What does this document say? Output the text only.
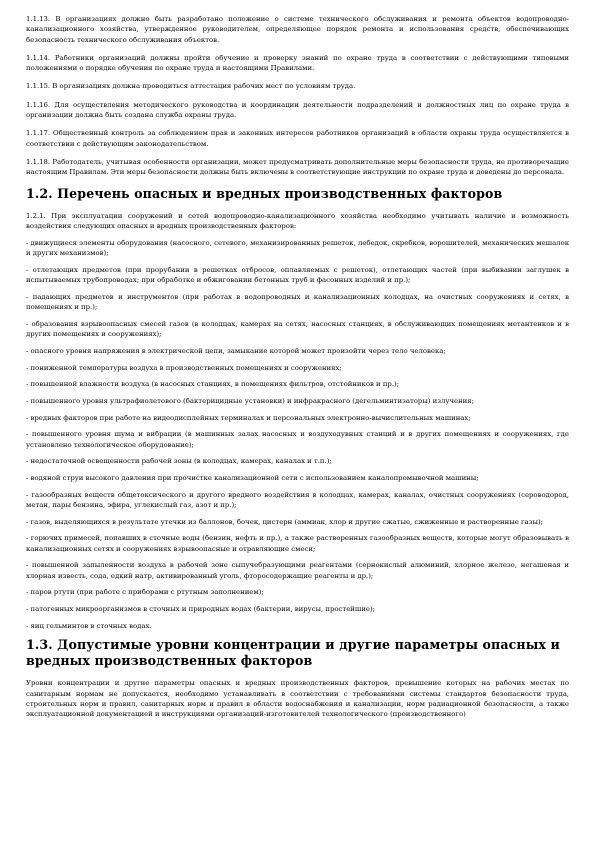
1.1.13. В организациях должно быть разработано положение о системе технического обслуживания и ремонта объектов водопроводно-канализационного хозяйства, утвержденное руководителем, определяющее порядок ремонта и использования средств, обеспечивающих безопасность технического обслуживания объектов.

1.1.14. Работники организаций должны пройти обучение и проверку знаний по охране труда в соответствии с действующими типовыми положениями о порядке обучения по охране труда и настоящими Правилами.

1.1.15. В организациях должна проводиться аттестация рабочих мест по условиям труда.

1.1.16. Для осуществления методического руководства и координации деятельности подразделений и должностных лиц по охране труда в организации должна быть создана служба охраны труда.

1.1.17. Общественный контроль за соблюдением прав и законных интересов работников организаций в области охраны труда осуществляется в соответствии с действующим законодательством.

1.1.18. Работодатель, учитывая особенности организации, может предусматривать дополнительные меры безопасности труда, не противоречащие настоящим Правилам. Эти меры безопасности должны быть включены в соответствующие инструкции по охране труда и доведены до персонала.

1.2. Перечень опасных и вредных производственных факторов

1.2.1. При эксплуатации сооружений и сетей водопроводно-канализационного хозяйства необходимо учитывать наличие и возможность воздействия следующих опасных и вредных производственных факторов:

- движущиеся элементы оборудования (насосного, сетевого, механизированных решеток, лебедок, скребков, ворошителей, механических мешалок и других механизмов);

- отлетающих предметов (при прорубании в решетках отбросов, оплавляемых с решеток), отлетающих частей (при выбивании заглушек в испытываемых трубопроводах; при обработке и обжиговании бетонных труб и фасонных изделий и пр.);

- падающих предметов и инструментов (при работах в водопроводных и канализационных колодцах, на очистных сооружениях и сетях, в помещениях и пр.);

- образования взрывоопасных смесей газов (в колодцах, камерах на сетях, насосных станциях, в обслуживающих помещениях метантенков и в других помещениях и сооружениях);

- опасного уровня напряжения в электрической цепи, замыкание которой может произойти через тело человека;

- пониженной температуры воздуха в производственных помещениях и сооружениях;

- повышенной влажности воздуха (в насосных станциях, в помещениях фильтров, отстойников и пр.);

- повышенного уровня ультрафиолетового (бактерицидные установки) и инфракрасного (дегельминтизаторы) излучения;

- вредных факторов при работе на видеодисплейных терминалах и персональных электронно-вычислительных машинах;

- повышенного уровня шума и вибрации (в машинных залах насосных и воздуходувных станций и в других помещениях и сооружениях, где установлено технологическое оборудование);

- недостаточной освещенности рабочей зоны (в колодцах, камерах, каналах и т.п.);

- водяной струи высокого давления при прочистке канализационной сети с использованием каналопромывочной машины;

- газообразных веществ общетоксического и другого вредного воздействия в колодцах, камерах, каналах, очистных сооружениях (сероводород, метан, пары бензина, эфира, углекислый газ, азот и пр.);

- газов, выделяющихся в результате утечки из баллонов, бочек, цистерн (аммиак, хлор и другие сжатые, сжиженные и растворенные газы);

- горючих примесей, попавших в сточные воды (бензин, нефть и пр.), а также растворенных газообразных веществ, которые могут образовывать в канализационных сетях и сооружениях взрывоопасные и отравляющие смеси;

- повышенной запыленности воздуха в рабочей зоне сыпучебразующими реагентами (сернокислый алюминий, хлорное железо, негашеная и хлорная известь, сода, едкий натр, активированный уголь, фторосодержащие реагенты и др.);

- паров ртути (при работе с приборами с ртутным заполнением);

- патогенных микроорганизмов в сточных и природных водах (бактерии, вирусы, простейшие);

- яиц гельминтов в сточных водах.

1.3. Допустимые уровни концентрации и другие параметры опасных и вредных производственных факторов

Уровни концентрации и другие параметры опасных и вредных производственных факторов, превышение которых на рабочих местах по санитарным нормам не допускается, необходимо устанавливать в соответствии с требованиями системы стандартов безопасности труда, строительных норм и правил, санитарных норм и правил в области водоснабжения и канализации, норм радиационной безопасности, а также эксплуатационной документацией и инструкциями организаций-изготовителей технологического (производственного)
